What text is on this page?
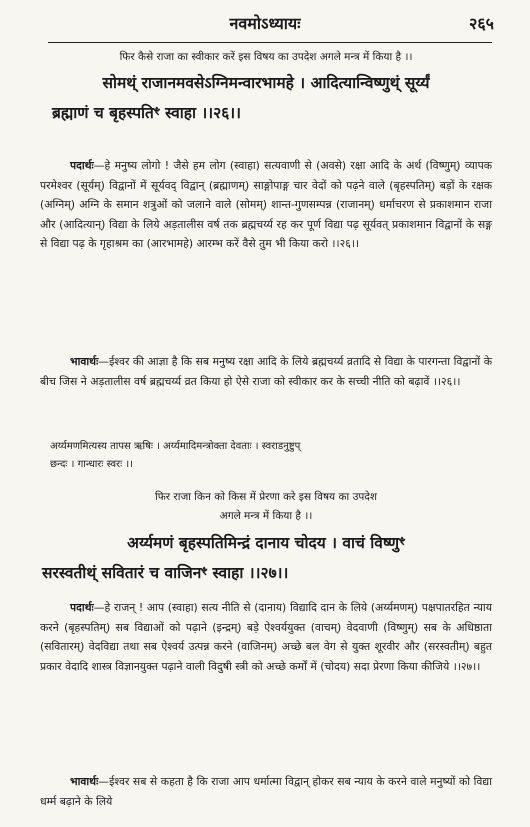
नवमोऽध्यायः	२६५
फिर कैसे राजा का स्वीकार करें इस विषय का उपदेश अगले मन्त्र में किया है ।।
सोमथ्ं राजानमवसेऽग्निमन्वारभामहे । आदित्यान्विष्णुथ्ं सूर्य्यं
ब्रह्माणं च बृहस्पतिꣳ स्वाहा ।।२६।।
पदार्थः—हे मनुष्य लोगो ! जैसे हम लोग (स्वाहा) सत्यवाणी से (अवसे) रक्षा आदि के अर्थ (विष्णुम्) व्यापक परमेश्वर (सूर्यम्) विद्वानों में सूर्यवद् विद्वान् (ब्रह्माणम्) साङ्गोपाङ्ग चार वेदों को पढ़ने वाले (बृहस्पतिम्) बड़ों के रक्षक (अग्निम्) अग्नि के समान शत्रुओं को जलाने वाले (सोमम्) शान्त-गुणसम्पन्न (राजानम्) धर्माचरण से प्रकाशमान राजा और (आदित्यान्) विद्या के लिये अड़तालीस वर्ष तक ब्रह्मचर्य्य रह कर पूर्ण विद्या पढ़ सूर्यवत् प्रकाशमान विद्वानों के सङ्ग से विद्या पढ़ के गृहाश्रम का (आरभामहे) आरम्भ करें वैसे तुम भी किया करो ।।२६।।
भावार्थः—ईश्वर की आज्ञा है कि सब मनुष्य रक्षा आदि के लिये ब्रह्मचर्य्य व्रतादि से विद्या के पारगन्ता विद्वानों के बीच जिस ने अड़तालीस वर्ष ब्रह्मचर्य्य व्रत किया हो ऐसे राजा को स्वीकार कर के सच्ची नीति को बढ़ावें ।।२६।।
अर्य्यमणमित्यस्य तापस ऋषिः । अर्य्यमादिमन्त्रोक्ता देवताः । स्वराडनुष्टुप्
छन्दः । गान्धारः स्वरः ।।
फिर राजा किन को किस में प्रेरणा करे इस विषय का उपदेश
अगले मन्त्र में किया है ।।
अर्य्यमणं बृहस्पतिमिन्द्रं दानाय चोदय । वाचं विष्णुꣳ
सरस्वतीथ्ं सवितारं च वाजिनꣳ स्वाहा ।।२७।।
पदार्थः—हे राजन् ! आप (स्वाहा) सत्य नीति से (दानाय) विद्यादि दान के लिये (अर्य्यमणम्) पक्षपातरहित न्याय करने (बृहस्पतिम्) सब विद्याओं को पढ़ाने (इन्द्रम्) बड़े ऐश्वर्ययुक्त (वाचम्) वेदवाणी (विष्णुम्) सब के अधिष्ठाता (सवितारम्) वेदविद्या तथा सब ऐश्वर्य उत्पन्न करने (वाजिनम्) अच्छे बल वेग से युक्त शूरवीर और (सरस्वतीम्) बहुत प्रकार वेदादि शास्त्र विज्ञानयुक्त पढ़ाने वाली विदुषी स्त्री को अच्छे कर्मों में (चोदय) सदा प्रेरणा किया कीजिये ।।२७।।
भावार्थः—ईश्वर सब से कहता है कि राजा आप धर्मात्मा विद्वान् होकर सब न्याय के करने वाले मनुष्यों को विद्या धर्म्म बढ़ाने के लिये
